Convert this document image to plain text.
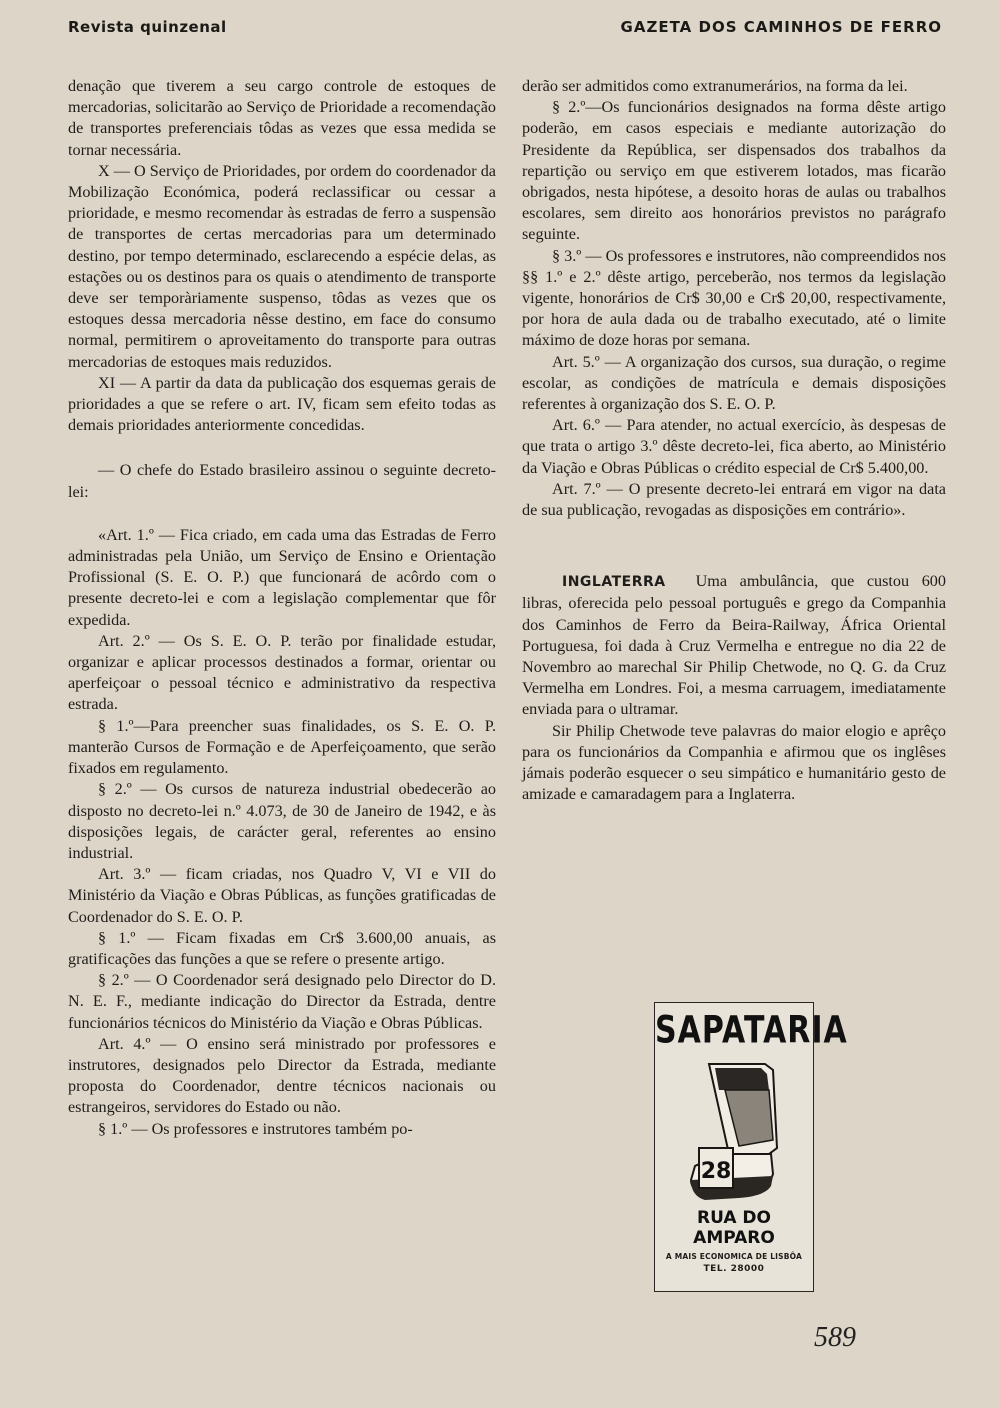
Revista quinzenal	GAZETA DOS CAMINHOS DE FERRO

denação que tiverem a seu cargo controle de estoques de mercadorias, solicitarão ao Serviço de Prioridade a recomendação de transportes preferenciais tôdas as vezes que essa medida se tornar necessária.

X — O Serviço de Prioridades, por ordem do coordenador da Mobilização Económica, poderá reclassificar ou cessar a prioridade, e mesmo recomendar às estradas de ferro a suspensão de transportes de certas mercadorias para um determinado destino, por tempo determinado, esclarecendo a espécie delas, as estações ou os destinos para os quais o atendimento de transporte deve ser temporàriamente suspenso, tôdas as vezes que os estoques dessa mercadoria nêsse destino, em face do consumo normal, permitirem o aproveitamento do transporte para outras mercadorias de estoques mais reduzidos.

XI — A partir da data da publicação dos esquemas gerais de prioridades a que se refere o art. IV, ficam sem efeito todas as demais prioridades anteriormente concedidas.

— O chefe do Estado brasileiro assinou o seguinte decreto-lei:

«Art. 1.º — Fica criado, em cada uma das Estradas de Ferro administradas pela União, um Serviço de Ensino e Orientação Profissional (S. E. O. P.) que funcionará de acôrdo com o presente decreto-lei e com a legislação complementar que fôr expedida.

Art. 2.º — Os S. E. O. P. terão por finalidade estudar, organizar e aplicar processos destinados a formar, orientar ou aperfeiçoar o pessoal técnico e administrativo da respectiva estrada.

§ 1.º—Para preencher suas finalidades, os S. E. O. P. manterão Cursos de Formação e de Aperfeiçoamento, que serão fixados em regulamento.

§ 2.º — Os cursos de natureza industrial obedecerão ao disposto no decreto-lei n.º 4.073, de 30 de Janeiro de 1942, e às disposições legais, de carácter geral, referentes ao ensino industrial.

Art. 3.º — ficam criadas, nos Quadro V, VI e VII do Ministério da Viação e Obras Públicas, as funções gratificadas de Coordenador do S. E. O. P.

§ 1.º — Ficam fixadas em Cr$ 3.600,00 anuais, as gratificações das funções a que se refere o presente artigo.

§ 2.º — O Coordenador será designado pelo Director do D. N. E. F., mediante indicação do Director da Estrada, dentre funcionários técnicos do Ministério da Viação e Obras Públicas.

Art. 4.º — O ensino será ministrado por professores e instrutores, designados pelo Director da Estrada, mediante proposta do Coordenador, dentre técnicos nacionais ou estrangeiros, servidores do Estado ou não.

§ 1.º — Os professores e instrutores também po-

derão ser admitidos como extranumerários, na forma da lei.

§ 2.º—Os funcionários designados na forma dêste artigo poderão, em casos especiais e mediante autorização do Presidente da República, ser dispensados dos trabalhos da repartição ou serviço em que estiverem lotados, mas ficarão obrigados, nesta hipótese, a desoito horas de aulas ou trabalhos escolares, sem direito aos honorários previstos no parágrafo seguinte.

§ 3.º — Os professores e instrutores, não compreendidos nos §§ 1.º e 2.º dêste artigo, perceberão, nos termos da legislação vigente, honorários de Cr$ 30,00 e Cr$ 20,00, respectivamente, por hora de aula dada ou de trabalho executado, até o limite máximo de doze horas por semana.

Art. 5.º — A organização dos cursos, sua duração, o regime escolar, as condições de matrícula e demais disposições referentes à organização dos S. E. O. P.

Art. 6.º — Para atender, no actual exercício, às despesas de que trata o artigo 3.º dêste decreto-lei, fica aberto, ao Ministério da Viação e Obras Públicas o crédito especial de Cr$ 5.400,00.

Art. 7.º — O presente decreto-lei entrará em vigor na data de sua publicação, revogadas as disposições em contrário».

INGLATERRA Uma ambulância, que custou 600 libras, oferecida pelo pessoal português e grego da Companhia dos Caminhos de Ferro da Beira-Railway, África Oriental Portuguesa, foi dada à Cruz Vermelha e entregue no dia 22 de Novembro ao marechal Sir Philip Chetwode, no Q. G. da Cruz Vermelha em Londres. Foi, a mesma carruagem, imediatamente enviada para o ultramar.

Sir Philip Chetwode teve palavras do maior elogio e aprêço para os funcionários da Companhia e afirmou que os inglêses jámais poderão esquecer o seu simpático e humanitário gesto de amizade e camaradagem para a Inglaterra.

SAPATARIA
28
RUA DO AMPARO
A MAIS ECONOMICA DE LISBÔA
TEL. 28000
589
